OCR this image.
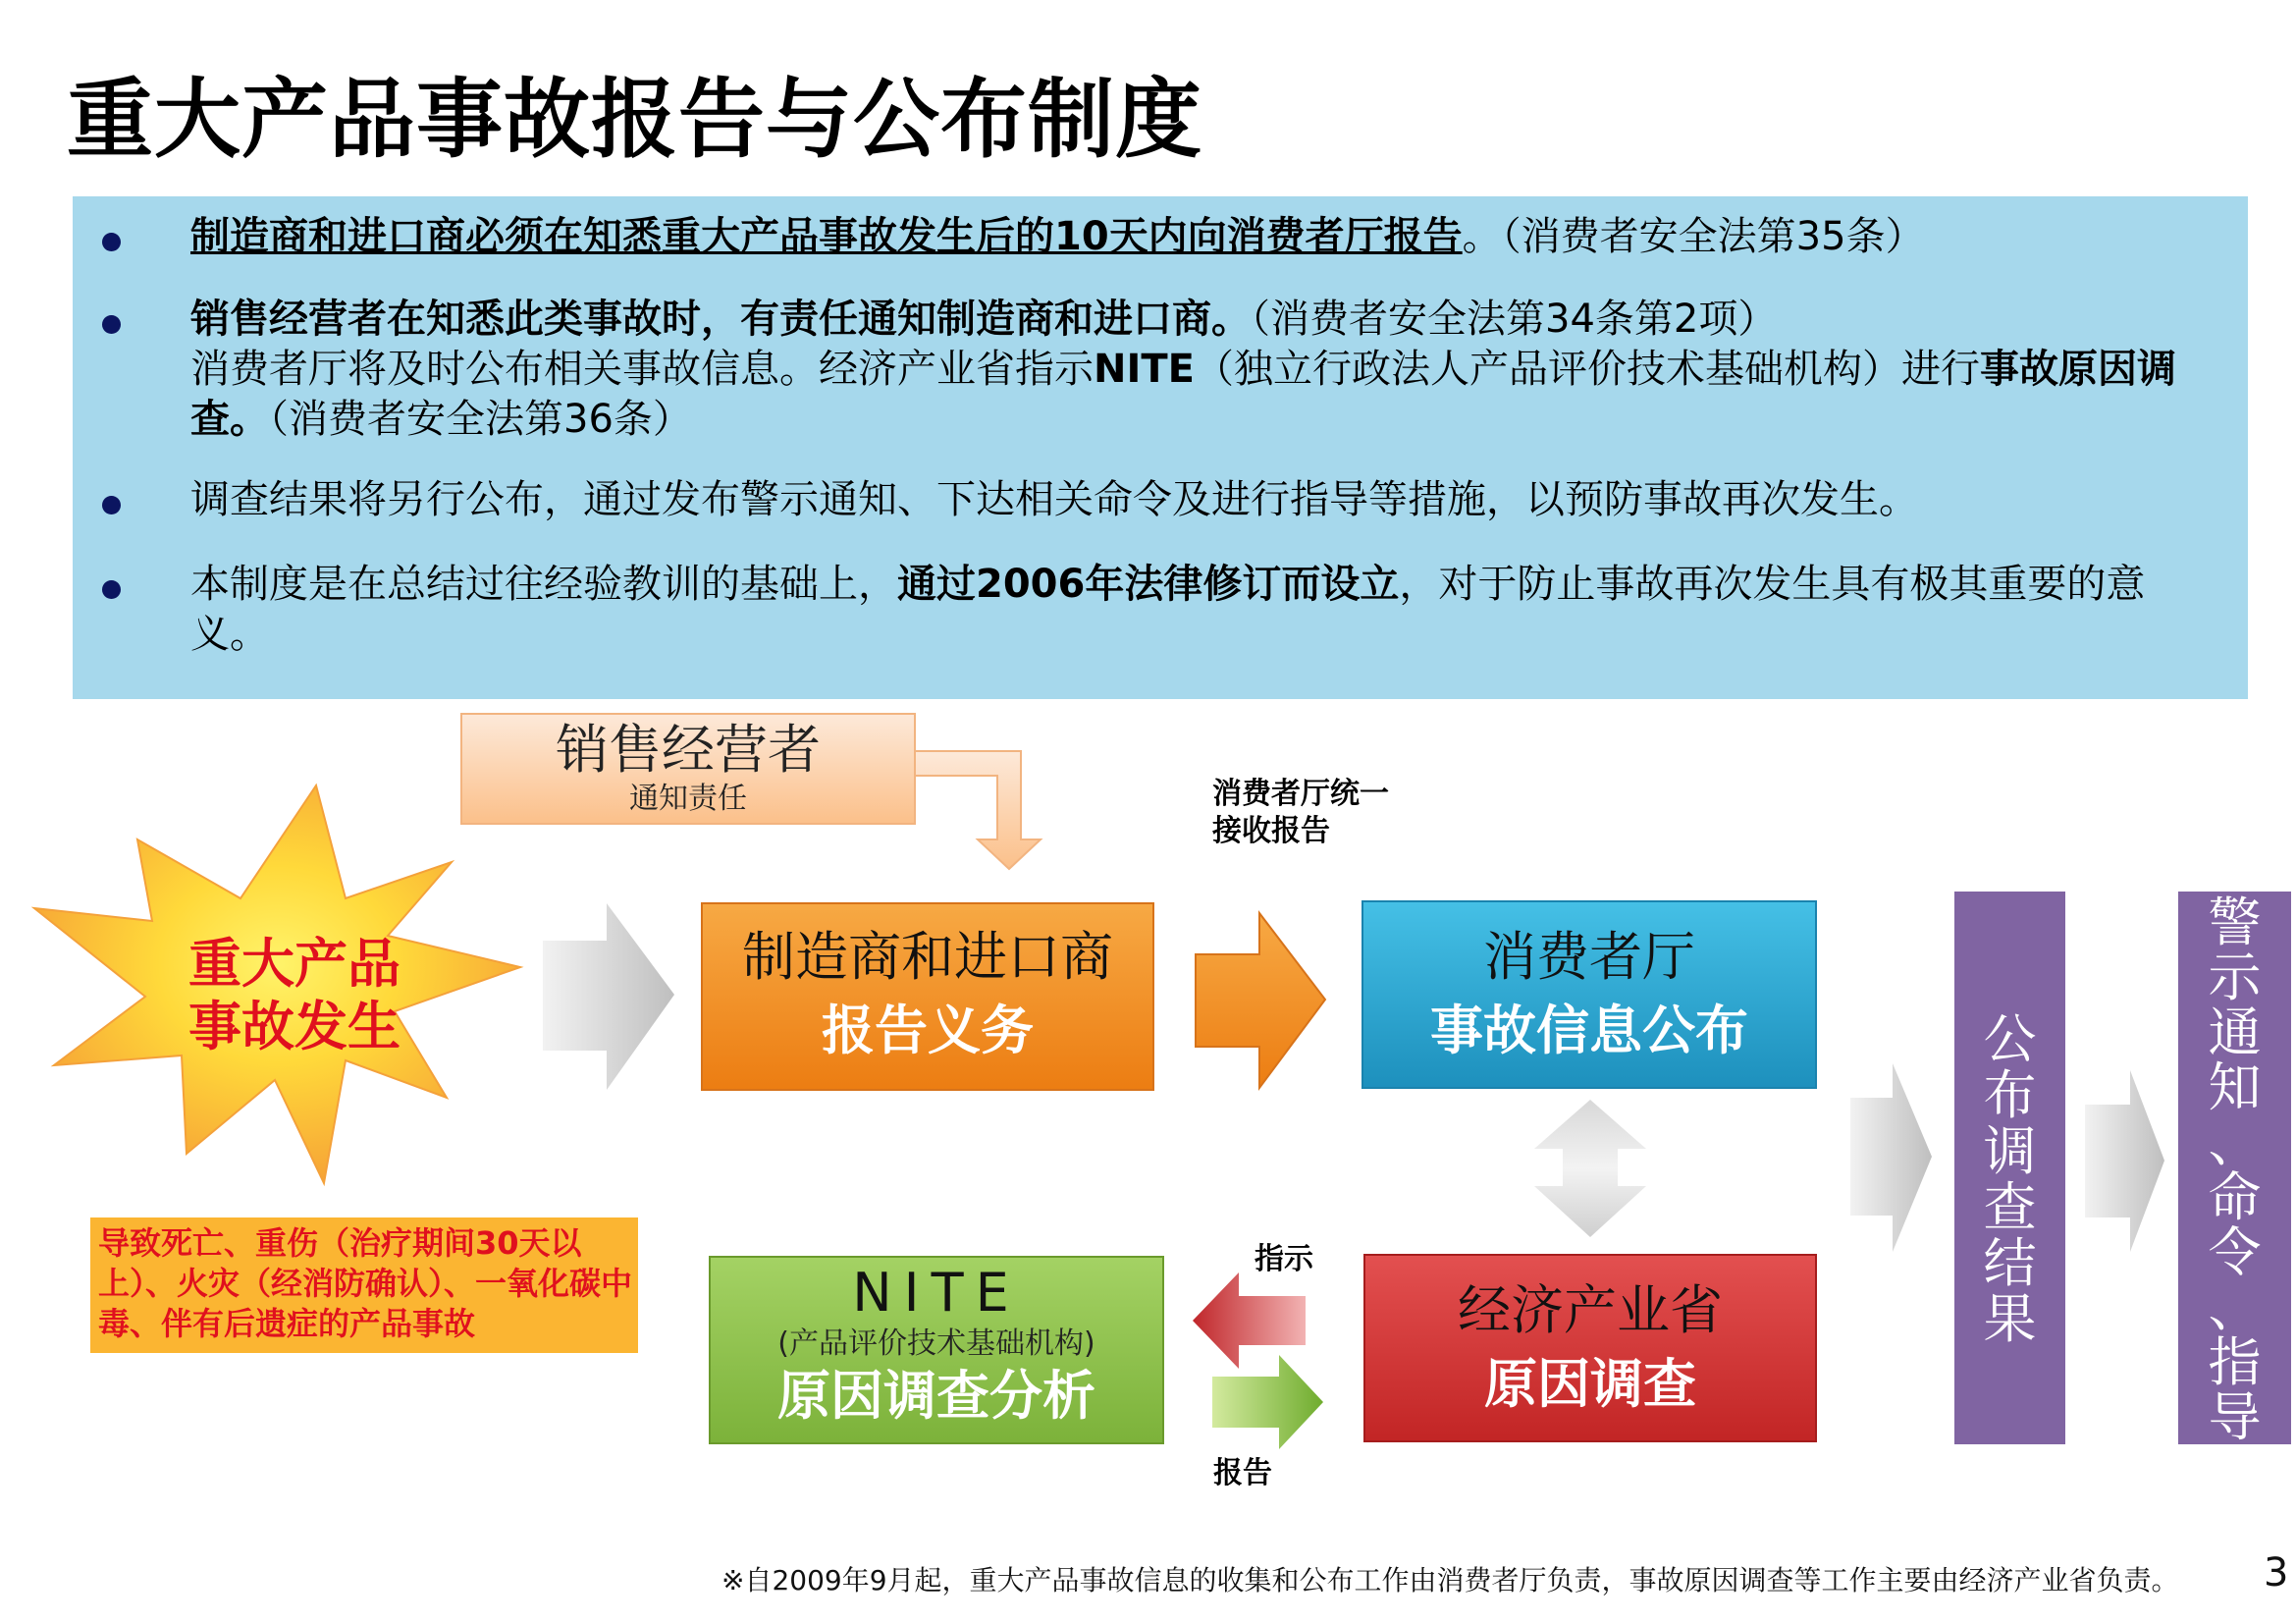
重大产品事故报告与公布制度
制造商和进口商必须在知悉重大产品事故发生后的10天内向消费者厅报告。（消费者安全法第35条）
销售经营者在知悉此类事故时，有责任通知制造商和进口商。（消费者安全法第34条第2项）
消费者厅将及时公布相关事故信息。经济产业省指示NITE（独立行政法人产品评价技术基础机构）进行事故原因调查。（消费者安全法第36条）
调查结果将另行公布，通过发布警示通知、下达相关命令及进行指导等措施，以预防事故再次发生。
本制度是在总结过往经验教训的基础上，通过2006年法律修订而设立，对于防止事故再次发生具有极其重要的意义。
重大产品
事故发生
销售经营者
通知责任
制造商和进口商
报告义务
消费者厅统一
接收报告
消费者厅
事故信息公布
经济产业省
原因调查
NITE
(产品评价技术基础机构)
原因调查分析
指示
报告
导致死亡、重伤（治疗期间30天以上）、火灾（经消防确认）、一氧化碳中毒、伴有后遗症的产品事故
公
布
调
查
结
果
警
示
通
知
、
命
令
、
指
导
※自2009年9月起，重大产品事故信息的收集和公布工作由消费者厅负责，事故原因调查等工作主要由经济产业省负责。 3
